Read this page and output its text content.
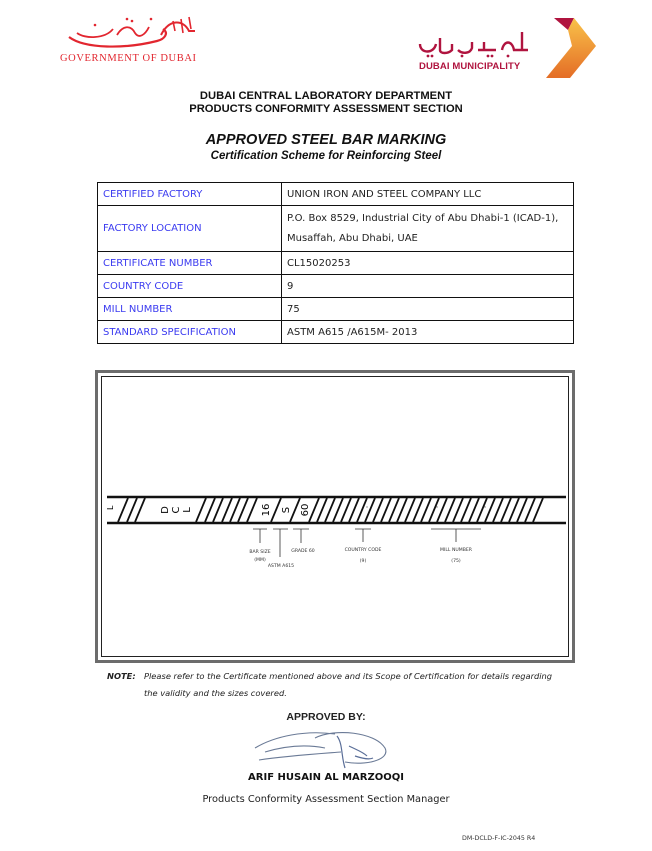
GOVERNMENT OF DUBAI
DUBAI MUNICIPALITY
DUBAI CENTRAL LABORATORY DEPARTMENT
PRODUCTS CONFORMITY ASSESSMENT SECTION
APPROVED STEEL BAR MARKING
Certification Scheme for Reinforcing Steel
CERTIFIED FACTORY	UNION IRON AND STEEL COMPANY LLC
FACTORY LOCATION	P.O. Box 8529, Industrial City of Abu Dhabi-1 (ICAD-1),
Musaffah, Abu Dhabi, UAE

CERTIFICATE NUMBER	CL15020253
COUNTRY CODE	9
MILL NUMBER	75
STANDARD SPECIFICATION	ASTM A615 /A615M- 2013
L	D C L	16 S 60	·	·	·
BAR SIZE
(MM)
ASTM A615
GRADE 60	COUNTRY CODE
(9)
MILL NUMBER
(75)
NOTE: Please refer to the Certificate mentioned above and its Scope of Certification for details regarding
the validity and the sizes covered.
APPROVED BY:
ARIF HUSAIN AL MARZOOQI
Products Conformity Assessment Section Manager
DM-DCLD-F-IC-2045 R4
